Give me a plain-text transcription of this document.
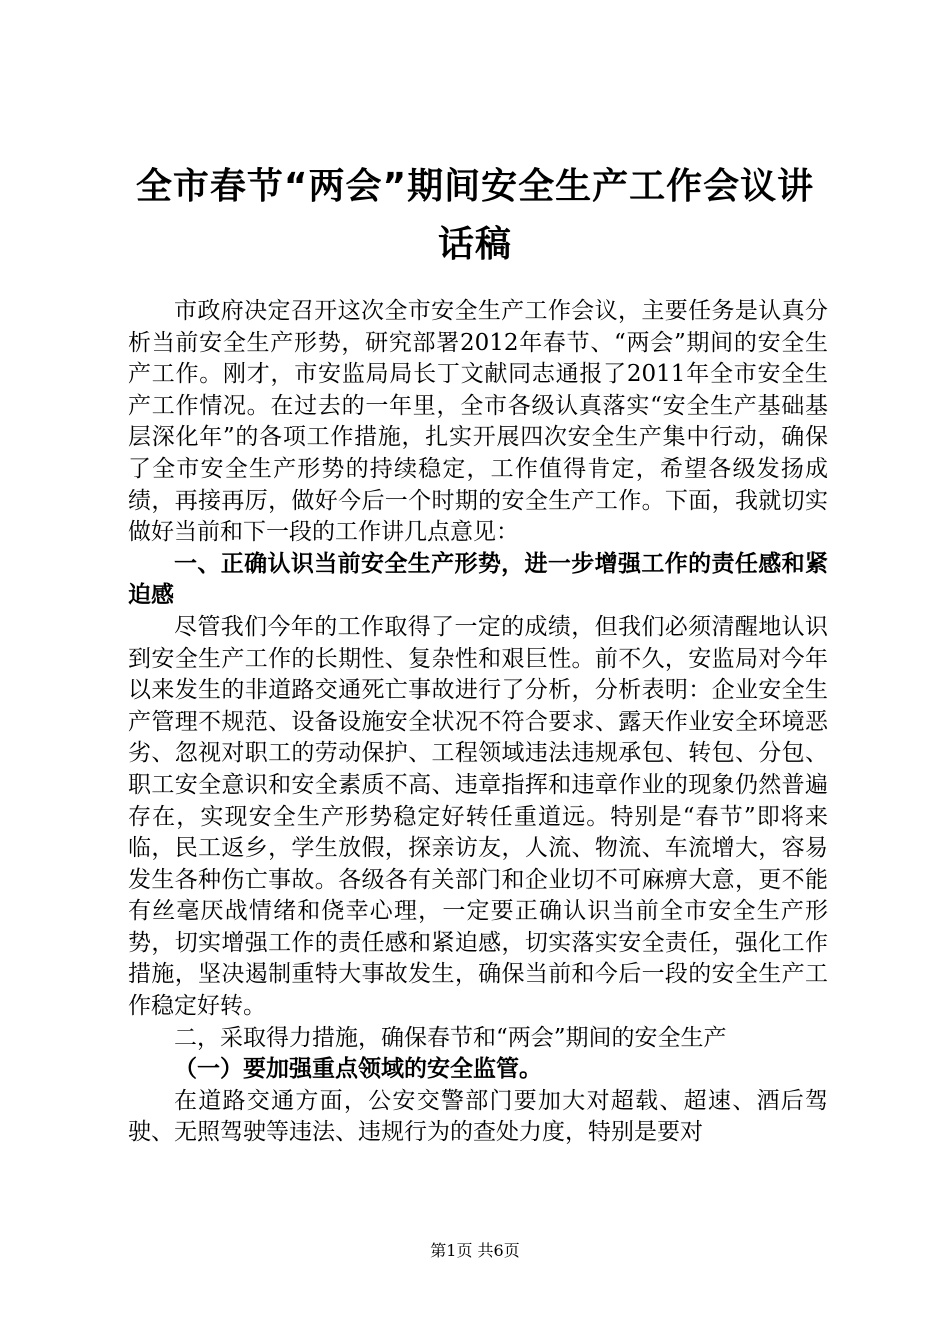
全市春节“两会”期间安全生产工作会议讲话稿

市政府决定召开这次全市安全生产工作会议，主要任务是认真分析当前安全生产形势，研究部署2012年春节、“两会”期间的安全生产工作。刚才，市安监局局长丁文献同志通报了2011年全市安全生产工作情况。在过去的一年里，全市各级认真落实“安全生产基础基层深化年”的各项工作措施，扎实开展四次安全生产集中行动，确保了全市安全生产形势的持续稳定，工作值得肯定，希望各级发扬成绩，再接再厉，做好今后一个时期的安全生产工作。下面，我就切实做好当前和下一段的工作讲几点意见：

一、正确认识当前安全生产形势，进一步增强工作的责任感和紧迫感

尽管我们今年的工作取得了一定的成绩，但我们必须清醒地认识到安全生产工作的长期性、复杂性和艰巨性。前不久，安监局对今年以来发生的非道路交通死亡事故进行了分析，分析表明：企业安全生产管理不规范、设备设施安全状况不符合要求、露天作业安全环境恶劣、忽视对职工的劳动保护、工程领域违法违规承包、转包、分包、职工安全意识和安全素质不高、违章指挥和违章作业的现象仍然普遍存在，实现安全生产形势稳定好转任重道远。特别是“春节”即将来临，民工返乡，学生放假，探亲访友，人流、物流、车流增大，容易发生各种伤亡事故。各级各有关部门和企业切不可麻痹大意，更不能有丝毫厌战情绪和侥幸心理，一定要正确认识当前全市安全生产形势，切实增强工作的责任感和紧迫感，切实落实安全责任，强化工作措施，坚决遏制重特大事故发生，确保当前和今后一段的安全生产工作稳定好转。

二，采取得力措施，确保春节和“两会”期间的安全生产

（一）要加强重点领域的安全监管。

在道路交通方面，公安交警部门要加大对超载、超速、酒后驾驶、无照驾驶等违法、违规行为的查处力度，特别是要对

第1页 共6页
